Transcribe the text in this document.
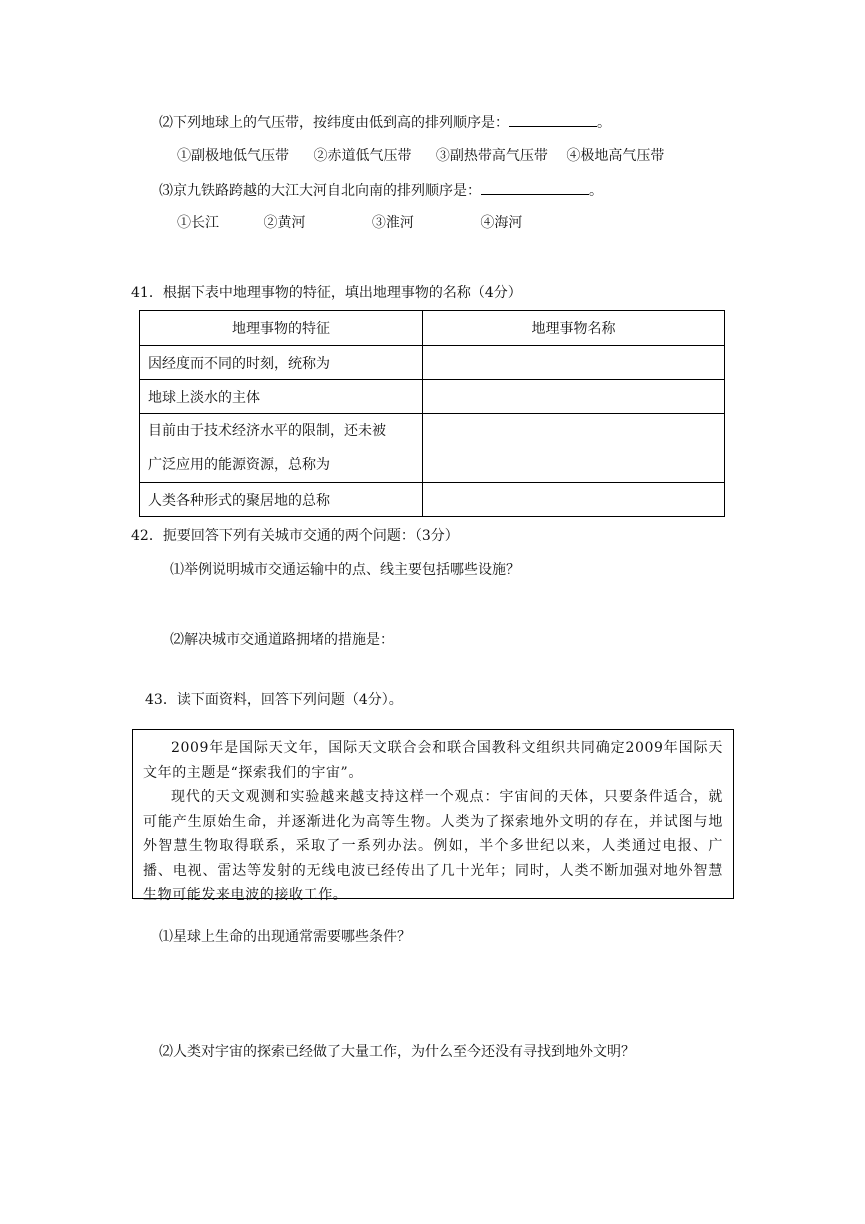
⑵下列地球上的气压带，按纬度由低到高的排列顺序是：	。
①副极地低气压带 ②赤道低气压带 ③副热带高气压带 ④极地高气压带
⑶京九铁路跨越的大江大河自北向南的排列顺序是：	。
①长江	②黄河	③淮河	④海河
41．根据下表中地理事物的特征，填出地理事物的名称（4分）
地理事物的特征	地理事物名称
因经度而不同的时刻，统称为	
地球上淡水的主体	
目前由于技术经济水平的限制，还未被
广泛应用的能源资源，总称为	
人类各种形式的聚居地的总称	
42．扼要回答下列有关城市交通的两个问题：（3分）
⑴举例说明城市交通运输中的点、线主要包括哪些设施？
⑵解决城市交通道路拥堵的措施是：
43．读下面资料，回答下列问题（4分）。

2009年是国际天文年，国际天文联合会和联合国教科文组织共同确定2009年国际天文年的主题是“探索我们的宇宙”。

现代的天文观测和实验越来越支持这样一个观点：宇宙间的天体，只要条件适合，就可能产生原始生命，并逐渐进化为高等生物。人类为了探索地外文明的存在，并试图与地外智慧生物取得联系，采取了一系列办法。例如，半个多世纪以来，人类通过电报、广播、电视、雷达等发射的无线电波已经传出了几十光年；同时，人类不断加强对地外智慧生物可能发来电波的接收工作。

⑴星球上生命的出现通常需要哪些条件？
⑵人类对宇宙的探索已经做了大量工作，为什么至今还没有寻找到地外文明？
